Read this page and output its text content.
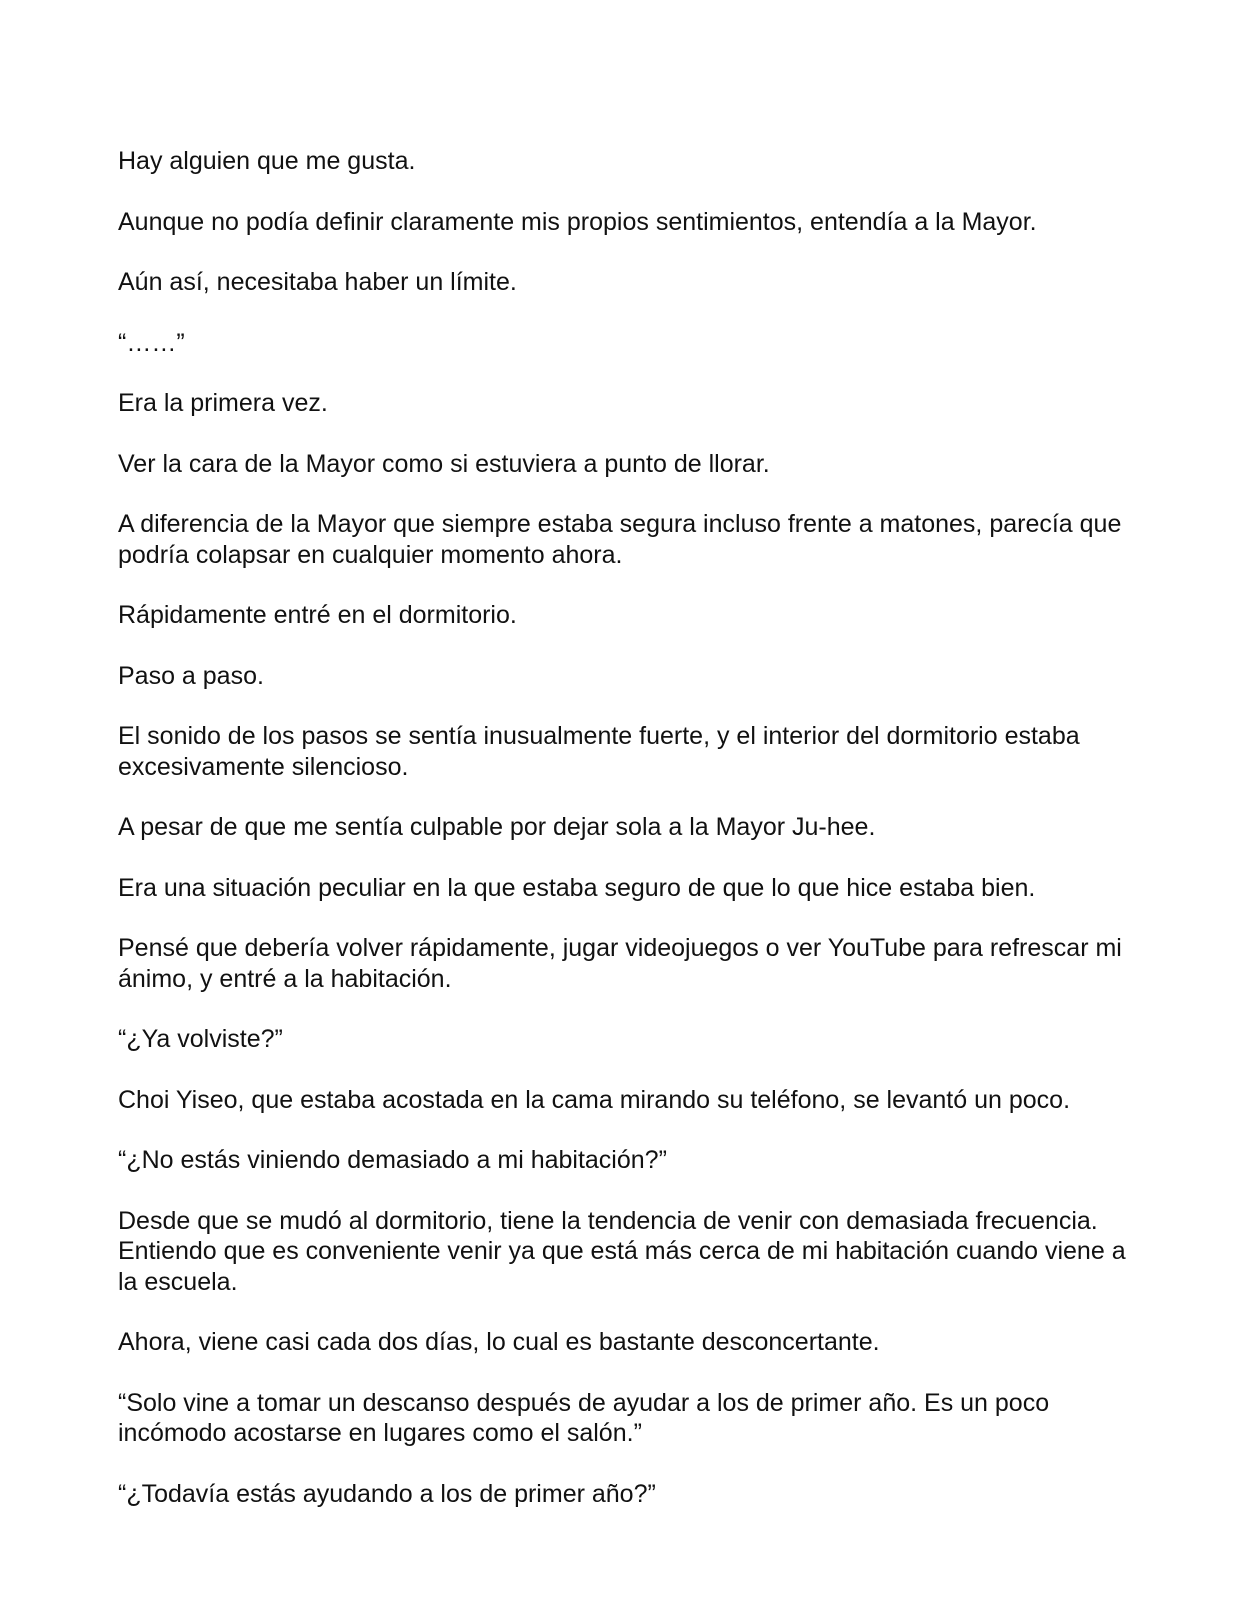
Hay alguien que me gusta.

Aunque no podía definir claramente mis propios sentimientos, entendía a la Mayor.

Aún así, necesitaba haber un límite.

“……”

Era la primera vez.

Ver la cara de la Mayor como si estuviera a punto de llorar.

A diferencia de la Mayor que siempre estaba segura incluso frente a matones, parecía que podría colapsar en cualquier momento ahora.

Rápidamente entré en el dormitorio.

Paso a paso.

El sonido de los pasos se sentía inusualmente fuerte, y el interior del dormitorio estaba excesivamente silencioso.

A pesar de que me sentía culpable por dejar sola a la Mayor Ju-hee.

Era una situación peculiar en la que estaba seguro de que lo que hice estaba bien.

Pensé que debería volver rápidamente, jugar videojuegos o ver YouTube para refrescar mi ánimo, y entré a la habitación.

“¿Ya volviste?”

Choi Yiseo, que estaba acostada en la cama mirando su teléfono, se levantó un poco.

“¿No estás viniendo demasiado a mi habitación?”

Desde que se mudó al dormitorio, tiene la tendencia de venir con demasiada frecuencia. Entiendo que es conveniente venir ya que está más cerca de mi habitación cuando viene a la escuela.

Ahora, viene casi cada dos días, lo cual es bastante desconcertante.

“Solo vine a tomar un descanso después de ayudar a los de primer año. Es un poco incómodo acostarse en lugares como el salón.”

“¿Todavía estás ayudando a los de primer año?”
